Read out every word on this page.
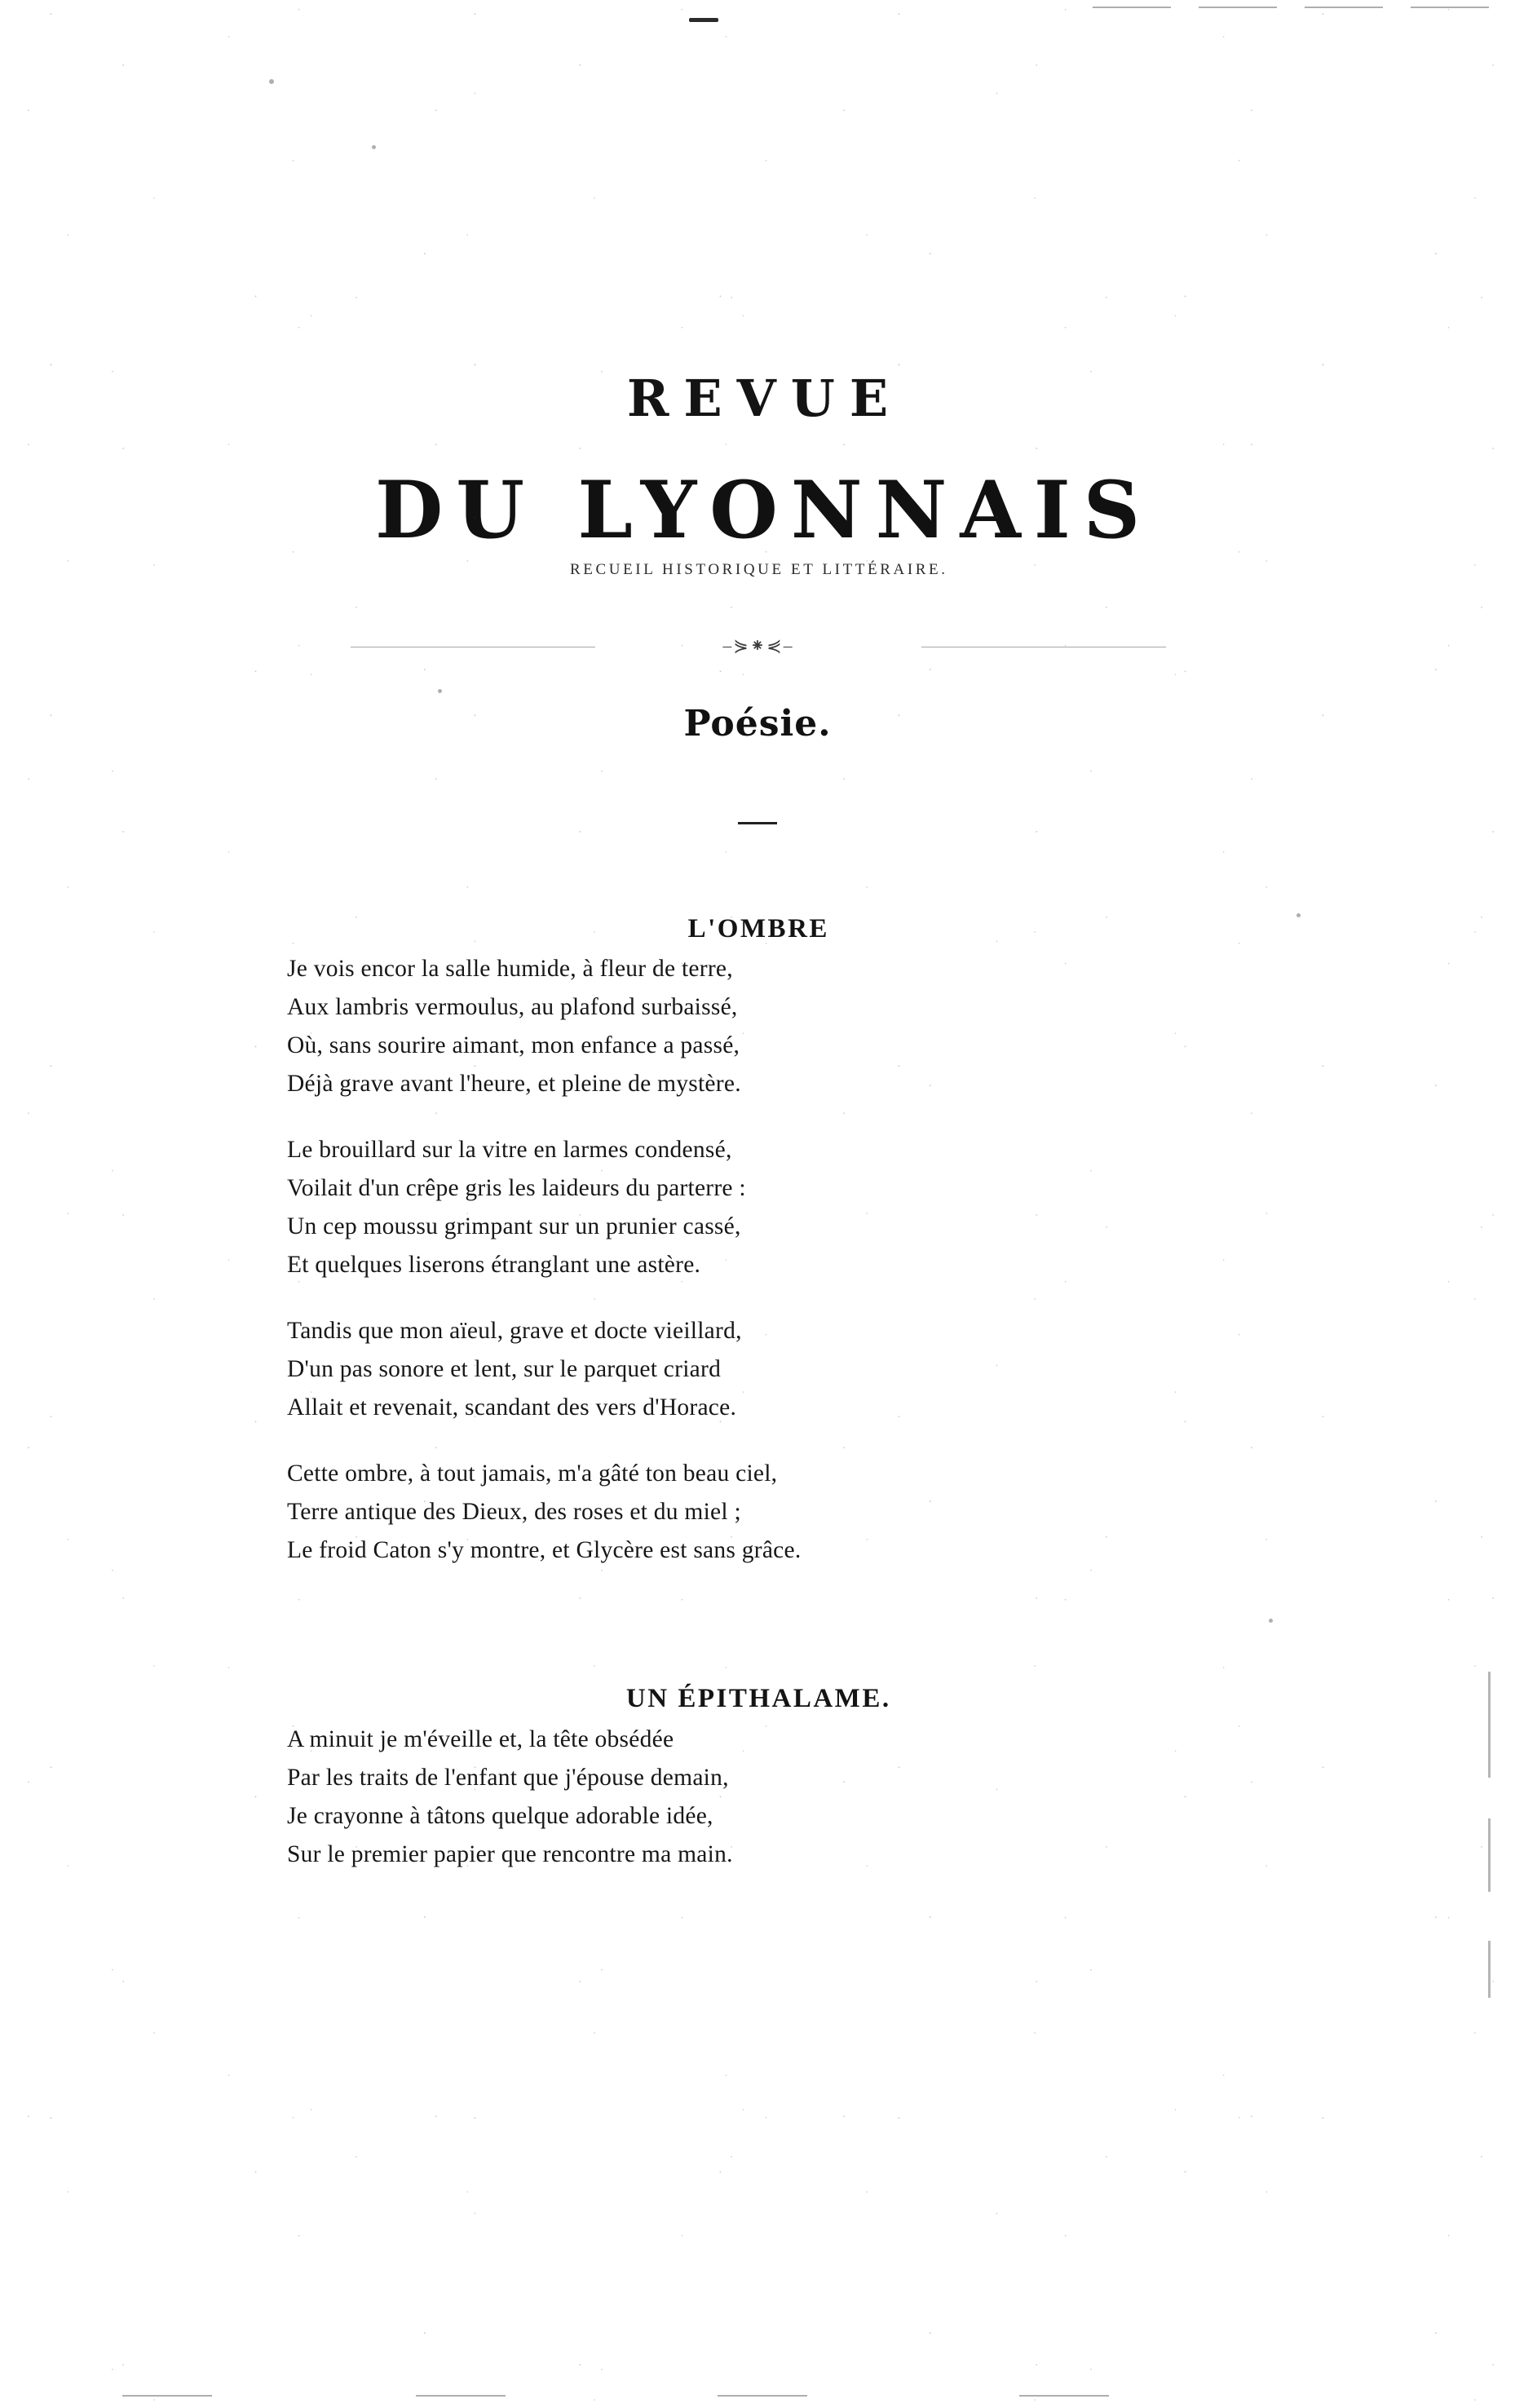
REVUE
DU LYONNAIS
RECUEIL HISTORIQUE ET LITTÉRAIRE.
⎯⋟⁕⋞⎯
Poésie.
L'OMBRE

Je vois encor la salle humide, à fleur de terre,
Aux lambris vermoulus, au plafond surbaissé,
Où, sans sourire aimant, mon enfance a passé,
Déjà grave avant l'heure, et pleine de mystère.

Le brouillard sur la vitre en larmes condensé,
Voilait d'un crêpe gris les laideurs du parterre :
Un cep moussu grimpant sur un prunier cassé,
Et quelques liserons étranglant une astère.

Tandis que mon aïeul, grave et docte vieillard,
D'un pas sonore et lent, sur le parquet criard
Allait et revenait, scandant des vers d'Horace.

Cette ombre, à tout jamais, m'a gâté ton beau ciel,
Terre antique des Dieux, des roses et du miel ;
Le froid Caton s'y montre, et Glycère est sans grâce.

UN ÉPITHALAME.

A minuit je m'éveille et, la tête obsédée
Par les traits de l'enfant que j'épouse demain,
Je crayonne à tâtons quelque adorable idée,
Sur le premier papier que rencontre ma main.
